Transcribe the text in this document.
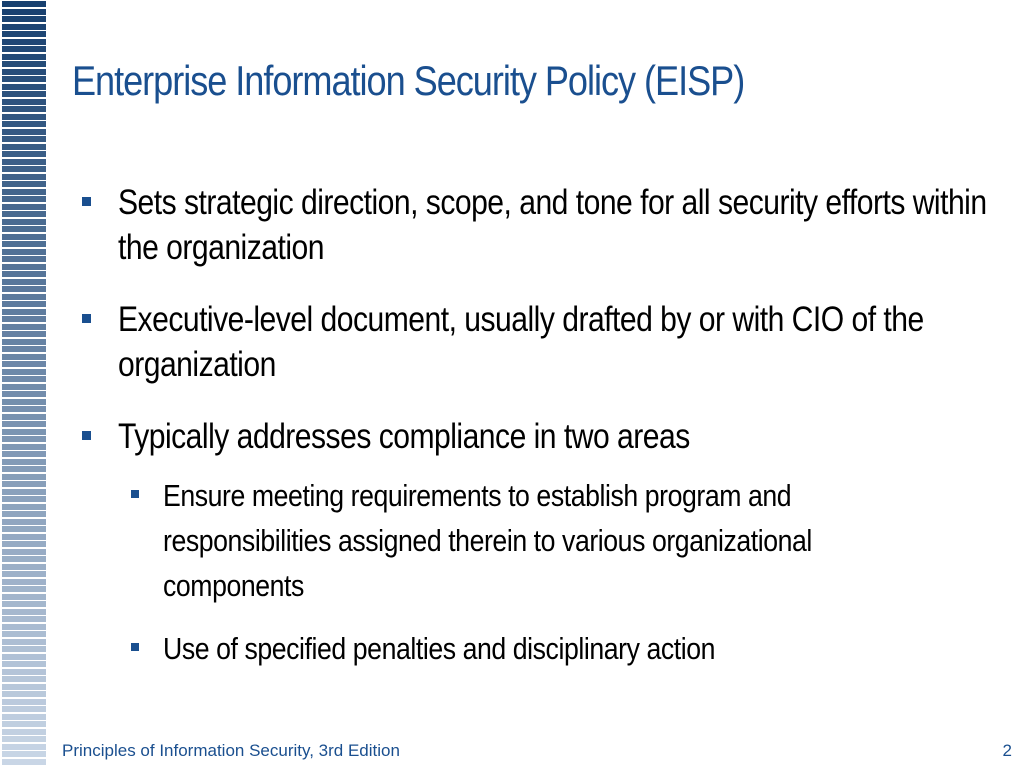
Enterprise Information Security Policy (EISP)
Sets strategic direction, scope, and tone for all security efforts within the organization
Executive-level document, usually drafted by or with CIO of the organization
Typically addresses compliance in two areas
Ensure meeting requirements to establish program and responsibilities assigned therein to various organizational components
Use of specified penalties and disciplinary action
Principles of Information Security, 3rd Edition	2
